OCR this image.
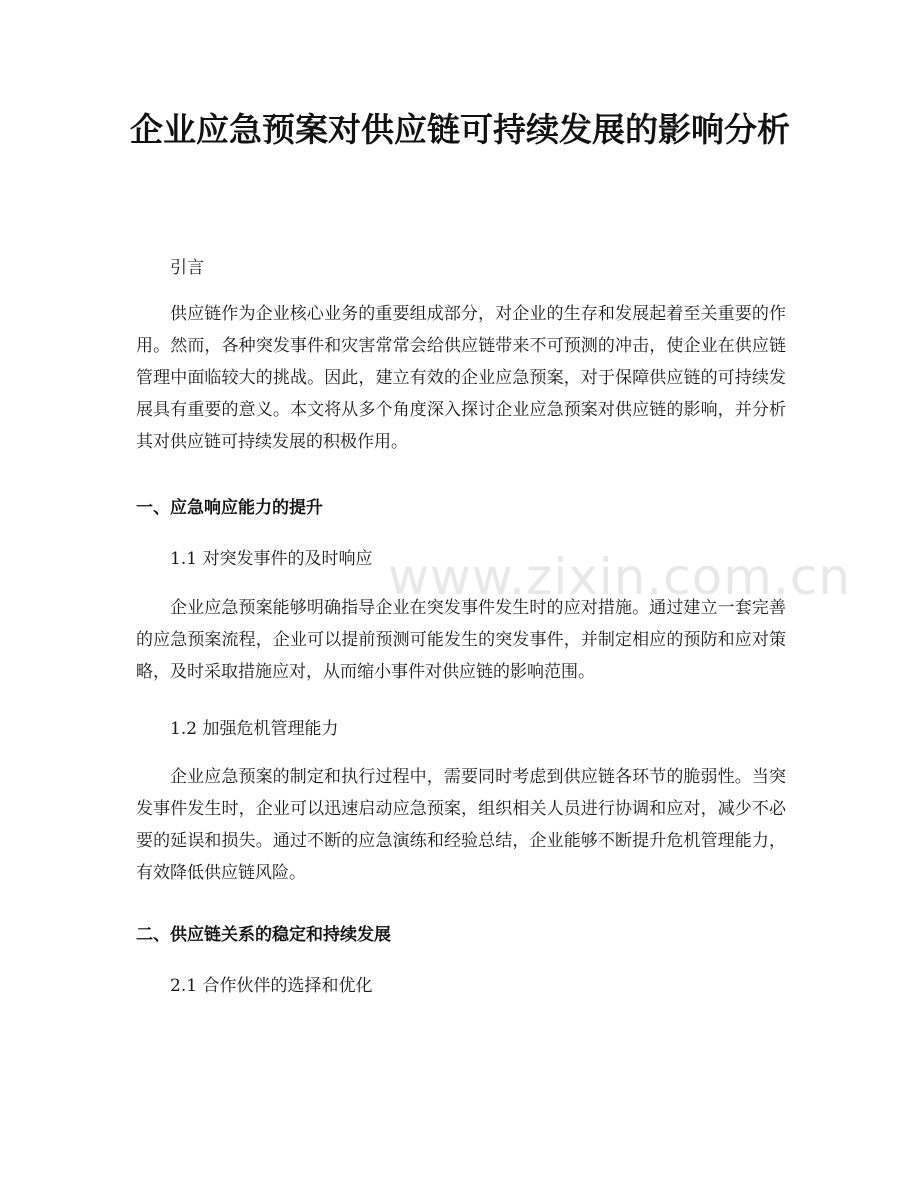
企业应急预案对供应链可持续发展的影响分析

引言

供应链作为企业核心业务的重要组成部分，对企业的生存和发展起着至关重要的作用。然而，各种突发事件和灾害常常会给供应链带来不可预测的冲击，使企业在供应链管理中面临较大的挑战。因此，建立有效的企业应急预案，对于保障供应链的可持续发展具有重要的意义。本文将从多个角度深入探讨企业应急预案对供应链的影响，并分析其对供应链可持续发展的积极作用。

一、应急响应能力的提升

1.1 对突发事件的及时响应

企业应急预案能够明确指导企业在突发事件发生时的应对措施。通过建立一套完善的应急预案流程，企业可以提前预测可能发生的突发事件，并制定相应的预防和应对策略，及时采取措施应对，从而缩小事件对供应链的影响范围。

1.2 加强危机管理能力

企业应急预案的制定和执行过程中，需要同时考虑到供应链各环节的脆弱性。当突发事件发生时，企业可以迅速启动应急预案，组织相关人员进行协调和应对，减少不必要的延误和损失。通过不断的应急演练和经验总结，企业能够不断提升危机管理能力，有效降低供应链风险。

二、供应链关系的稳定和持续发展

2.1 合作伙伴的选择和优化

www.zixin.com.cn
